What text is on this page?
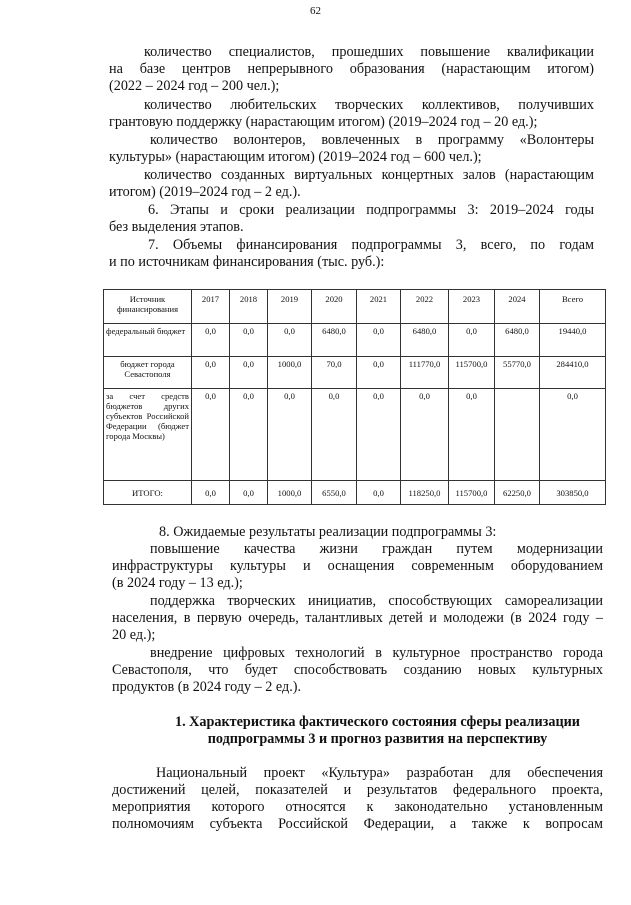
62
количество специалистов, прошедших повышение квалификации
на базе центров непрерывного образования (нарастающим итогом)
(2022 – 2024 год – 200 чел.);
количество любительских творческих коллективов, получивших
грантовую поддержку (нарастающим итогом) (2019–2024 год – 20 ед.);
количество волонтеров, вовлеченных в программу «Волонтеры
культуры» (нарастающим итогом) (2019–2024 год – 600 чел.);
количество созданных виртуальных концертных залов (нарастающим
итогом) (2019–2024 год – 2 ед.).
6. Этапы и сроки реализации подпрограммы 3: 2019–2024 годы
без выделения этапов.
7. Объемы финансирования подпрограммы 3, всего, по годам
и по источникам финансирования (тыс. руб.):
Источник финансирования	2017	2018	2019	2020	2021	2022	2023	2024	Всего
федеральный бюджет	0,0	0,0	0,0	6480,0	0,0	6480,0	0,0	6480,0	19440,0
бюджет города Севастополя	0,0	0,0	1000,0	70,0	0,0	111770,0	115700,0	55770,0	284410,0
за счет средств бюджетов других субъектов Российской Федерации (бюджет города Москвы)	0,0	0,0	0,0	0,0	0,0	0,0	0,0		0,0
ИТОГО:	0,0	0,0	1000,0	6550,0	0,0	118250,0	115700,0	62250,0	303850,0
8. Ожидаемые результаты реализации подпрограммы 3:
повышение качества жизни граждан путем модернизации
инфраструктуры культуры и оснащения современным оборудованием
(в 2024 году – 13 ед.);
поддержка творческих инициатив, способствующих самореализации
населения, в первую очередь, талантливых детей и молодежи (в 2024 году –
20 ед.);
внедрение цифровых технологий в культурное пространство города
Севастополя, что будет способствовать созданию новых культурных
продуктов (в 2024 году – 2 ед.).
1. Характеристика фактического состояния сферы реализации
подпрограммы 3 и прогноз развития на перспективу
Национальный проект «Культура» разработан для обеспечения
достижений целей, показателей и результатов федерального проекта,
мероприятия которого относятся к законодательно установленным
полномочиям субъекта Российской Федерации, а также к вопросам
